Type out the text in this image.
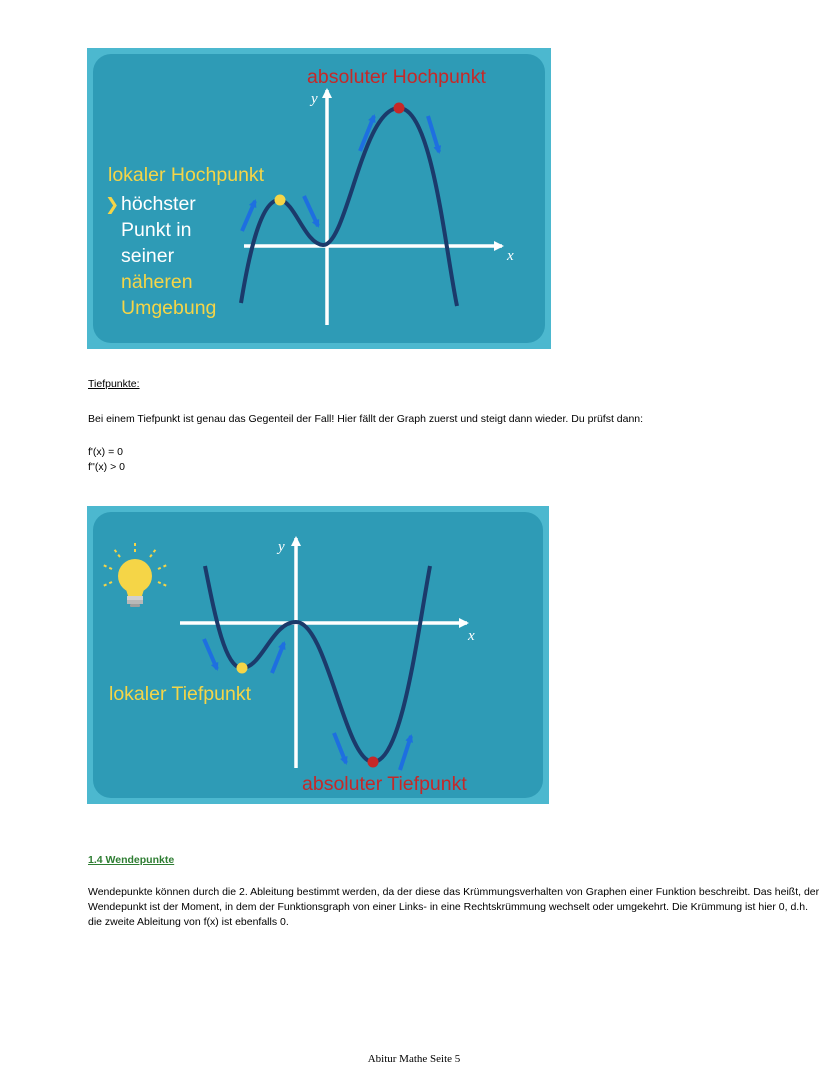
y
x
absoluter Hochpunkt
lokaler Hochpunkt
❯ höchster
Punkt in
seiner
näheren
Umgebung

Tiefpunkte:

Bei einem Tiefpunkt ist genau das Gegenteil der Fall! Hier fällt der Graph zuerst und steigt dann wieder. Du prüfst dann:

f'(x) = 0

f''(x) > 0

y
x
lokaler Tiefpunkt
absoluter Tiefpunkt

1.4 Wendepunkte

Wendepunkte können durch die 2. Ableitung bestimmt werden, da der diese das Krümmungsverhalten von Graphen einer Funktion beschreibt. Das heißt, der Wendepunkt ist der Moment, in dem der Funktionsgraph von einer Links- in eine Rechtskrümmung wechselt oder umgekehrt. Die Krümmung ist hier 0, d.h. die zweite Ableitung von f(x) ist ebenfalls 0.

Abitur Mathe Seite 5
